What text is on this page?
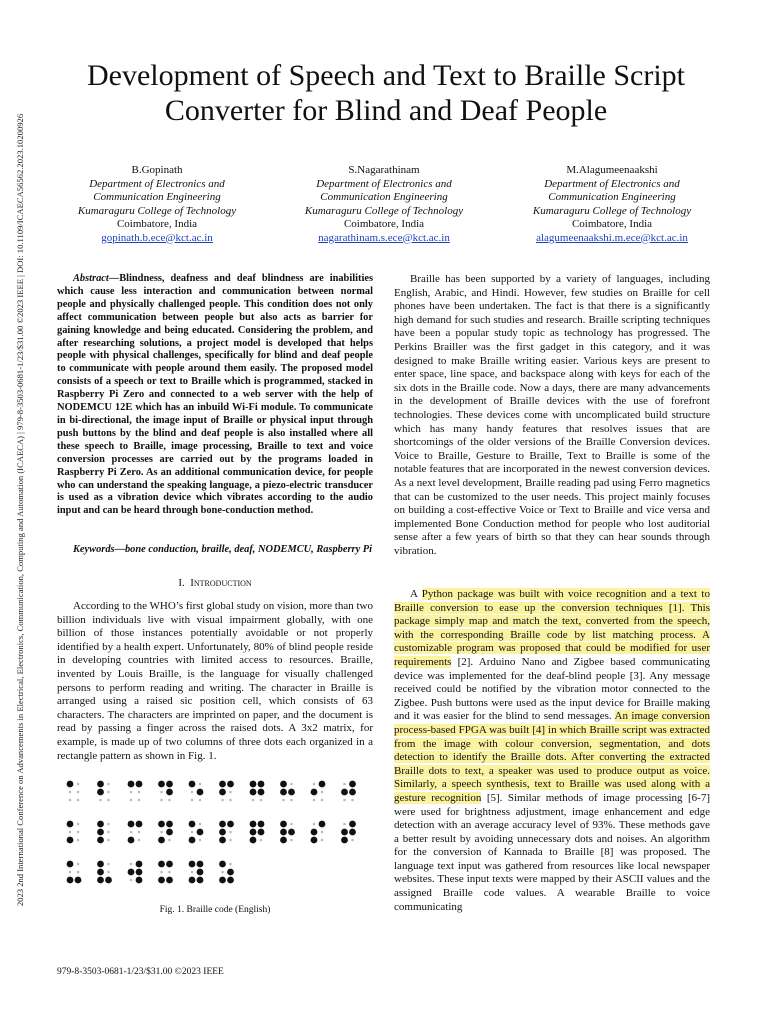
2023 2nd International Conference on Advancements in Electrical, Electronics, Communication, Computing and Automation (ICAECA) | 979-8-3503-0681-1/23/$31.00 ©2023 IEEE | DOI: 10.1109/ICAECA56562.2023.10200926
Development of Speech and Text to Braille Script Converter for Blind and Deaf People
B.Gopinath
Department of Electronics and
Communication Engineering
Kumaraguru College of Technology
Coimbatore, India
gopinath.b.ece@kct.ac.in
S.Nagarathinam
Department of Electronics and
Communication Engineering
Kumaraguru College of Technology
Coimbatore, India
nagarathinam.s.ece@kct.ac.in
M.Alagumeenaakshi
Department of Electronics and
Communication Engineering
Kumaraguru College of Technology
Coimbatore, India
alagumeenaakshi.m.ece@kct.ac.in

Abstract—Blindness, deafness and deaf blindness are inabilities which cause less interaction and communication between normal people and physically challenged people. This condition does not only affect communication between people but also acts as barrier for gaining knowledge and being educated. Considering the problem, and after researching solutions, a project model is developed that helps people with physical challenges, specifically for blind and deaf people to communicate with people around them easily. The proposed model consists of a speech or text to Braille which is programmed, stacked in Raspberry Pi Zero and connected to a web server with the help of NODEMCU 12E which has an inbuild Wi-Fi module. To communicate in bi-directional, the image input of Braille or physical input through push buttons by the blind and deaf people is also installed where all these speech to Braille, image processing, Braille to text and voice conversion processes are carried out by the programs loaded in Raspberry Pi Zero. As an additional communication device, for people who can understand the speaking language, a piezo-electric transducer is used as a vibration device which vibrates according to the audio input and can be heard through bone-conduction method.

Keywords—bone conduction, braille, deaf, NODEMCU, Raspberry Pi

I. Introduction

According to the WHO’s first global study on vision, more than two billion individuals live with visual impairment globally, with one billion of those instances potentially avoidable or not properly identified by a health expert. Unfortunately, 80% of blind people reside in developing countries with limited access to resources. Braille, invented by Louis Braille, is the language for visually challenged persons to perform reading and writing. The character in Braille is arranged using a raised sic position cell, which consists of 63 characters. The characters are imprinted on paper, and the document is read by passing a finger across the raised dots. A 3x2 matrix, for example, is made up of two columns of three dots each organized in a rectangle pattern as shown in Fig. 1.

Fig. 1. Braille code (English)

Braille has been supported by a variety of languages, including English, Arabic, and Hindi. However, few studies on Braille for cell phones have been undertaken. The fact is that there is a significantly high demand for such studies and research. Braille scripting techniques have been a popular study topic as technology has progressed. The Perkins Brailler was the first gadget in this category, and it was designed to make Braille writing easier. Various keys are present to enter space, line space, and backspace along with keys for each of the six dots in the Braille code. Now a days, there are many advancements in the development of Braille devices with the use of forefront technologies. These devices come with uncomplicated build structure which has many handy features that resolves issues that are shortcomings of the older versions of the Braille Conversion devices. Voice to Braille, Gesture to Braille, Text to Braille is some of the notable features that are incorporated in the newest conversion devices. As a next level development, Braille reading pad using Ferro magnetics that can be customized to the user needs. This project mainly focuses on building a cost-effective Voice or Text to Braille and vice versa and implemented Bone Conduction method for people who lost auditorial sense after a few years of birth so that they can hear sounds through vibration.

A Python package was built with voice recognition and a text to Braille conversion to ease up the conversion techniques [1]. This package simply map and match the text, converted from the speech, with the corresponding Braille code by list matching process. A customizable program was proposed that could be modified for user requirements [2]. Arduino Nano and Zigbee based communicating device was implemented for the deaf-blind people [3]. Any message received could be notified by the vibration motor connected to the Zigbee. Push buttons were used as the input device for Braille making and it was easier for the blind to send messages. An image conversion process-based FPGA was built [4] in which Braille script was extracted from the image with colour conversion, segmentation, and dots detection to identify the Braille dots. After converting the extracted Braille dots to text, a speaker was used to produce output as voice. Similarly, a speech synthesis, text to Braille was used along with a gesture recognition [5]. Similar methods of image processing [6-7] were used for brightness adjustment, image enhancement and edge detection with an average accuracy level of 93%. These methods gave a better result by avoiding unnecessary dots and noises. An algorithm for the conversion of Kannada to Braille [8] was proposed. The language text input was gathered from resources like local newspaper websites. These input texts were mapped by their ASCII values and the assigned Braille code values. A wearable Braille to voice communicating

979-8-3503-0681-1/23/$31.00 ©2023 IEEE
